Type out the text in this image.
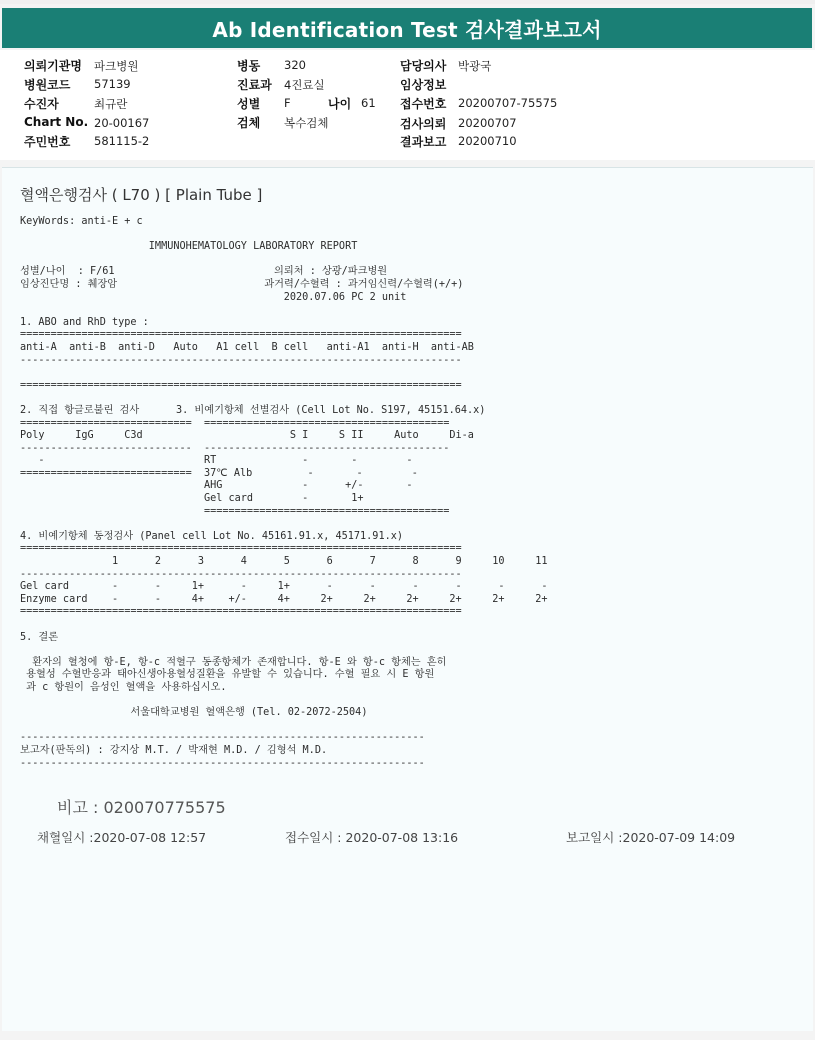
Ab Identification Test 검사결과보고서
의뢰기관명 파크병원
병원코드 57139
수진자	최규란
Chart No. 20-00167
주민번호 581115-2
병동 320
진료과 4진료실
성별 F	나이 61
검체 복수검체
담당의사 박광국
임상정보
접수번호 20200707-75575
검사의뢰 20200707
결과보고 20200710
혈액은행검사 ( L70 ) [ Plain Tube ]
KeyWords: anti-E + c

IMMUNOHEMATOLOGY LABORATORY REPORT

성별/나이  : F/61                          의뢰처 : 상광/파크병원
임상진단명 : 췌장암                        과거력/수혈력 : 과거임신력/수혈력(+/+)
2020.07.06 PC 2 unit

1. ABO and RhD type :
========================================================================
anti-A  anti-B  anti-D   Auto   A1 cell  B cell   anti-A1  anti-H  anti-AB
------------------------------------------------------------------------

========================================================================

2. 직접 항글로불린 검사      3. 비예기항체 선별검사 (Cell Lot No. S197, 45151.64.x)
============================  ========================================
Poly     IgG     C3d                        S I     S II     Auto     Di-a
----------------------------  ----------------------------------------
-                          RT              -       -        -
============================  37℃ Alb         -       -        -
AHG             -      +/-       -
Gel card        -       1+
========================================

4. 비예기항체 동정검사 (Panel cell Lot No. 45161.91.x, 45171.91.x)
========================================================================
1      2      3      4      5      6      7      8      9     10     11
------------------------------------------------------------------------
Gel card       -      -     1+      -     1+      -      -      -      -      -      -
Enzyme card    -      -     4+    +/-     4+     2+     2+     2+     2+     2+     2+
========================================================================

5. 결론

환자의 혈청에 항-E, 항-c 적혈구 동종항체가 존재합니다. 항-E 와 항-c 항체는 흔히
용혈성 수혈반응과 태아신생아용혈성질환을 유발할 수 있습니다. 수혈 필요 시 E 항원
과 c 항원이 음성인 혈액을 사용하십시오.

서울대학교병원 혈액은행 (Tel. 02-2072-2504)

------------------------------------------------------------------
보고자(판독의) : 강지상 M.T. / 박재현 M.D. / 김형석 M.D.
------------------------------------------------------------------
비고 : 020070775575
채혈일시 :2020-07-08 12:57	접수일시 : 2020-07-08 13:16	보고일시 :2020-07-09 14:09
